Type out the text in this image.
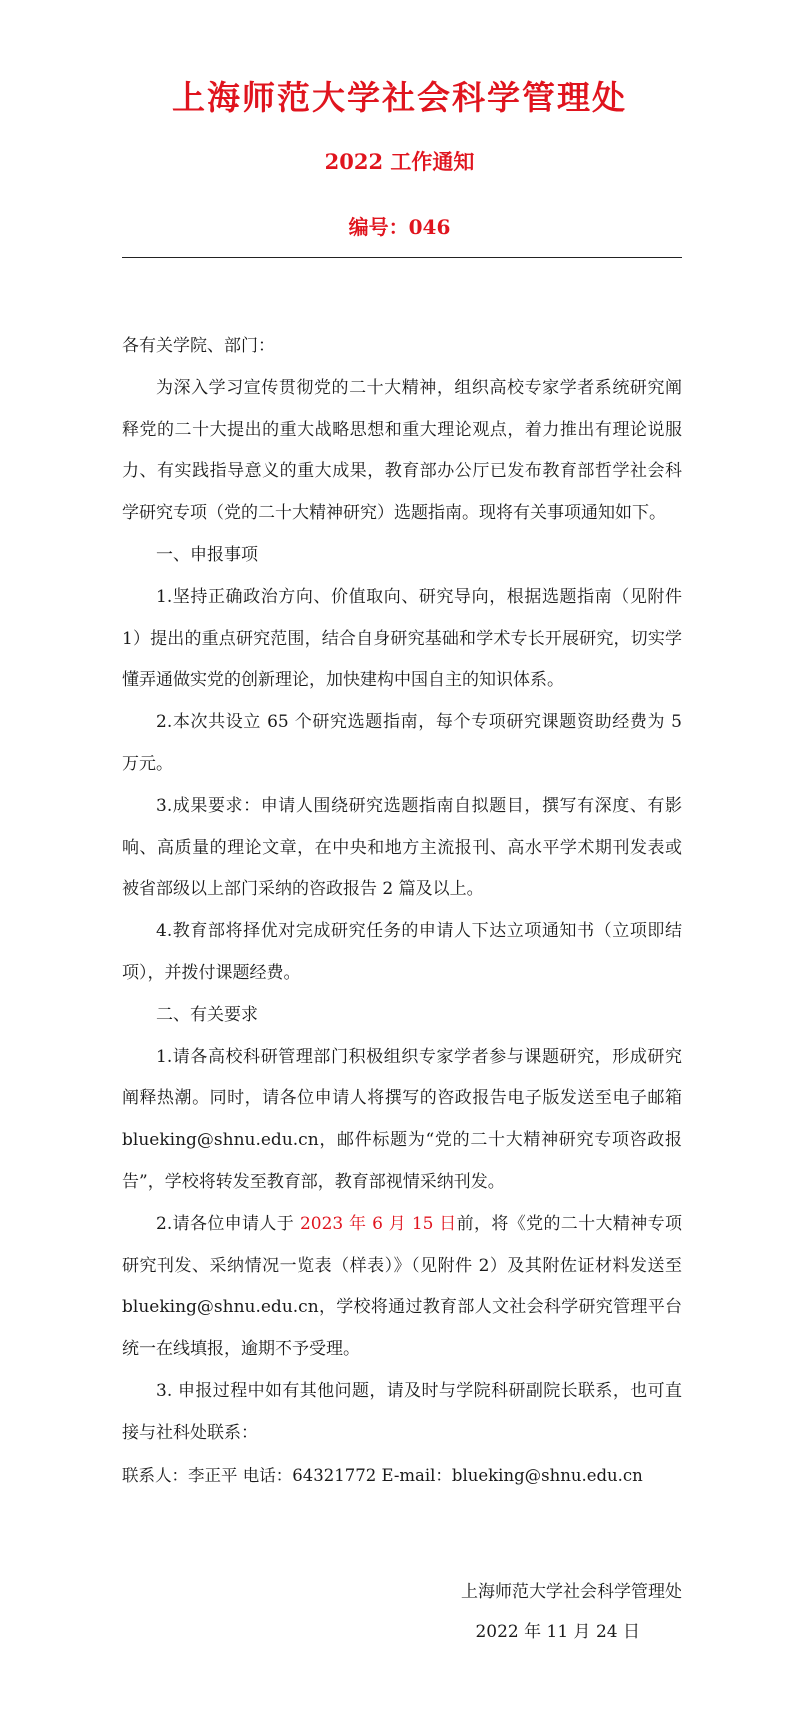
上海师范大学社会科学管理处
2022 工作通知
编号：046

各有关学院、部门：

为深入学习宣传贯彻党的二十大精神，组织高校专家学者系统研究阐释党的二十大提出的重大战略思想和重大理论观点，着力推出有理论说服力、有实践指导意义的重大成果，教育部办公厅已发布教育部哲学社会科学研究专项（党的二十大精神研究）选题指南。现将有关事项通知如下。

一、申报事项

1.坚持正确政治方向、价值取向、研究导向，根据选题指南（见附件 1）提出的重点研究范围，结合自身研究基础和学术专长开展研究，切实学懂弄通做实党的创新理论，加快建构中国自主的知识体系。

2.本次共设立 65 个研究选题指南，每个专项研究课题资助经费为 5 万元。

3.成果要求：申请人围绕研究选题指南自拟题目，撰写有深度、有影响、高质量的理论文章，在中央和地方主流报刊、高水平学术期刊发表或被省部级以上部门采纳的咨政报告 2 篇及以上。

4.教育部将择优对完成研究任务的申请人下达立项通知书（立项即结项），并拨付课题经费。

二、有关要求

1.请各高校科研管理部门积极组织专家学者参与课题研究，形成研究阐释热潮。同时，请各位申请人将撰写的咨政报告电子版发送至电子邮箱 blueking@shnu.edu.cn，邮件标题为“党的二十大精神研究专项咨政报告”，学校将转发至教育部，教育部视情采纳刊发。

2.请各位申请人于 2023 年 6 月 15 日前，将《党的二十大精神专项研究刊发、采纳情况一览表（样表）》（见附件 2）及其附佐证材料发送至 blueking@shnu.edu.cn，学校将通过教育部人文社会科学研究管理平台统一在线填报，逾期不予受理。

3. 申报过程中如有其他问题，请及时与学院科研副院长联系，也可直接与社科处联系：

联系人：李正平 电话：64321772 E-mail：blueking@shnu.edu.cn

上海师范大学社会科学管理处

2022 年 11 月 24 日
